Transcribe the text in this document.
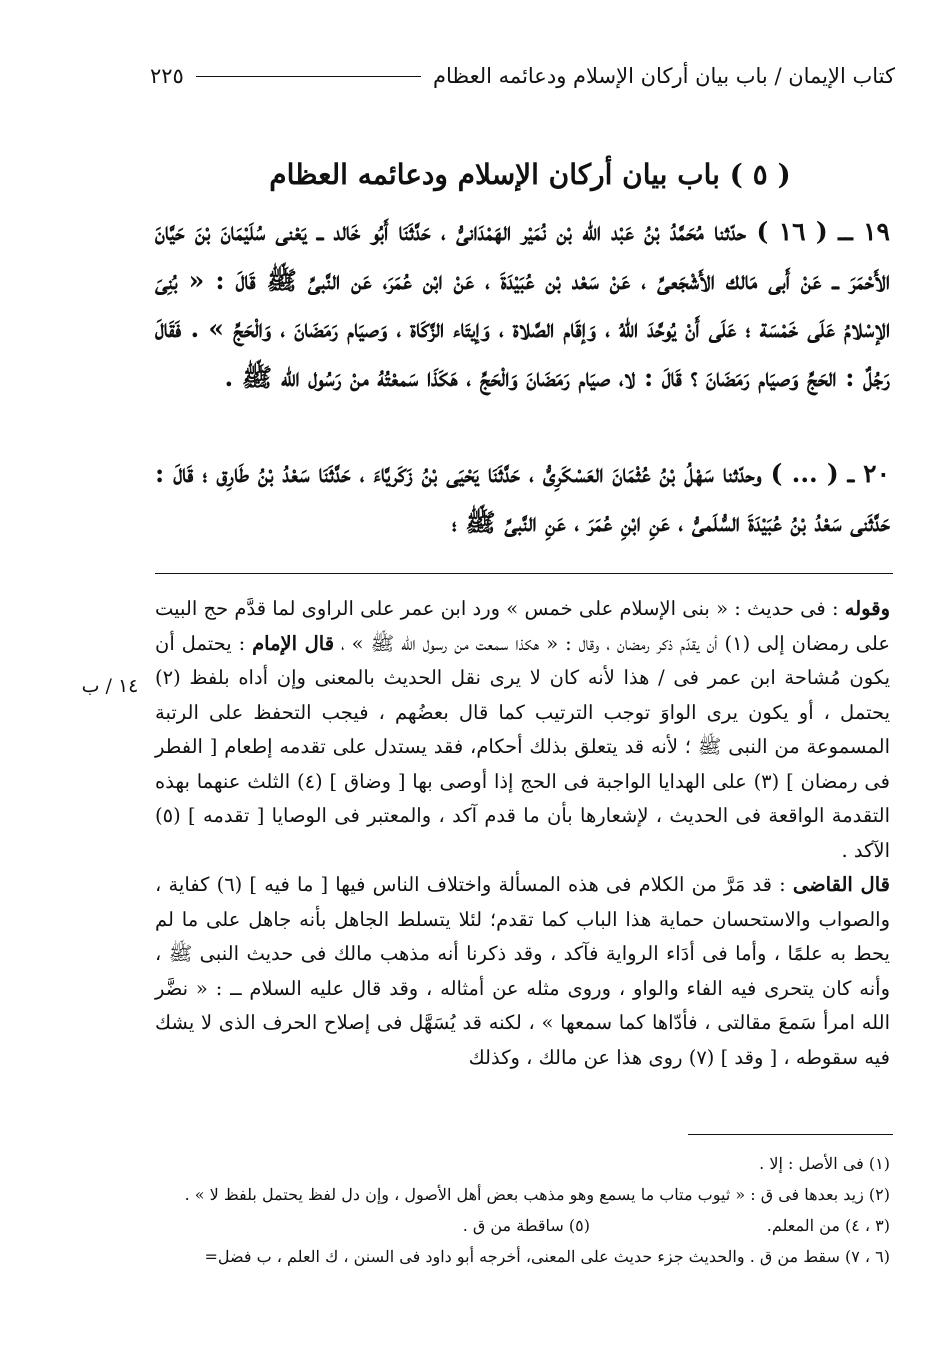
كتاب الإيمان / باب بيان أركان الإسلام ودعائمه العظام
٢٢٥
( ٥ ) باب بيان أركان الإسلام ودعائمه العظام

١٩ ــ ( ١٦ ) حدّثنا مُحَمَّدُ بْنُ عَبْد الله بْن نُمَيْر الهَمْدَانىُّ ، حَدَّثَنَا أَبُو خَالد ــ يَعْنى سُلَيْمَانَ بْنَ حَيَّانَ الأَحْمَرَ ــ عَنْ أَبى مَالك الأَشْجَعىِّ ، عَنْ سَعْد بْن عُبَيْدَةَ ، عَنْ ابْن عُمَرَ، عَن النَّبىِّ ﷺ قَالَ : « بُنِىَ الإسْلامُ عَلَى خَمْسَة ؛ عَلَى أَنْ يُوحَّدَ اللهُ ، وَإقَام الصَّلاة ، وَإيتَاء الزَّكَاة ، وَصيَام رَمَضَانَ ، وَالْحَجِّ » . فَقَالَ رَجُلٌ : الحَجِّ وَصيَام رَمَضَانَ ؟ قَالَ : لا، صيَام رَمَضَانَ وَالْحَجِّ ، هَكَذَا سَمعْتُهُ منْ رَسُول الله ﷺ .

٢٠ ــ ( ... ) وحدّثنا سَهْلُ بْنُ عُثْمَانَ العَسْكَرِىُّ ، حَدَّثَنَا يَحْيَى بْنُ زَكَريَّاءَ ، حَدَّثَنَا سَعْدُ بْنُ طَارِق ؛ قَالَ : حَدَّثَنى سَعْدُ بْنُ عُبَيْدَةَ السُّلَمىُّ ، عَنِ ابْنِ عُمَرَ ، عَنِ النَّبىِّ ﷺ ؛

١٤ / ب

وقوله : فى حديث : « بنى الإسلام على خمس » ورد ابن عمر على الراوى لما قدَّم حج البيت على رمضان إلى (١) أن يقدّم ذكر رمضان ، وقال : « هكذا سمعت من رسول الله ﷺ » ، قال الإمام : يحتمل أن يكون مُشاحة ابن عمر فى / هذا لأنه كان لا يرى نقل الحديث بالمعنى وإن أداه بلفظ (٢) يحتمل ، أو يكون يرى الواوَ توجب الترتيب كما قال بعضُهم ، فيجب التحفظ على الرتبة المسموعة من النبى ﷺ ؛ لأنه قد يتعلق بذلك أحكام، فقد يستدل على تقدمه إطعام [ الفطر فى رمضان ] (٣) على الهدايا الواجبة فى الحج إذا أوصى بها [ وضاق ] (٤) الثلث عنهما بهذه التقدمة الواقعة فى الحديث ، لإشعارها بأن ما قدم آكد ، والمعتبر فى الوصايا [ تقدمه ] (٥) الآكد .

قال القاضى : قد مَرَّ من الكلام فى هذه المسألة واختلاف الناس فيها [ ما فيه ] (٦) كفاية ، والصواب والاستحسان حماية هذا الباب كما تقدم؛ لئلا يتسلط الجاهل بأنه جاهل على ما لم يحط به علمًا ، وأما فى أدَاء الرواية فآكد ، وقد ذكرنا أنه مذهب مالك فى حديث النبى ﷺ ، وأنه كان يتحرى فيه الفاء والواو ، وروى مثله عن أمثاله ، وقد قال عليه السلام ــ : « نضَّر الله امرأ سَمعَ مقالتى ، فأدّاها كما سمعها » ، لكنه قد يُسَهَّل فى إصلاح الحرف الذى لا يشك فيه سقوطه ، [ وقد ] (٧) روى هذا عن مالك ، وكذلك

(١) فى الأصل : إلا .

(٢) زيد بعدها فى ق : « ثيوب متاب ما يسمع وهو مذهب بعض أهل الأصول ، وإن دل لفظ يحتمل بلفظ لا » .

(٣ ، ٤) من المعلم.
(٥) ساقطة من ق .

(٦ ، ٧) سقط من ق . والحديث جزء حديث على المعنى، أخرجه أبو داود فى السنن ، ك العلم ، ب فضل=
